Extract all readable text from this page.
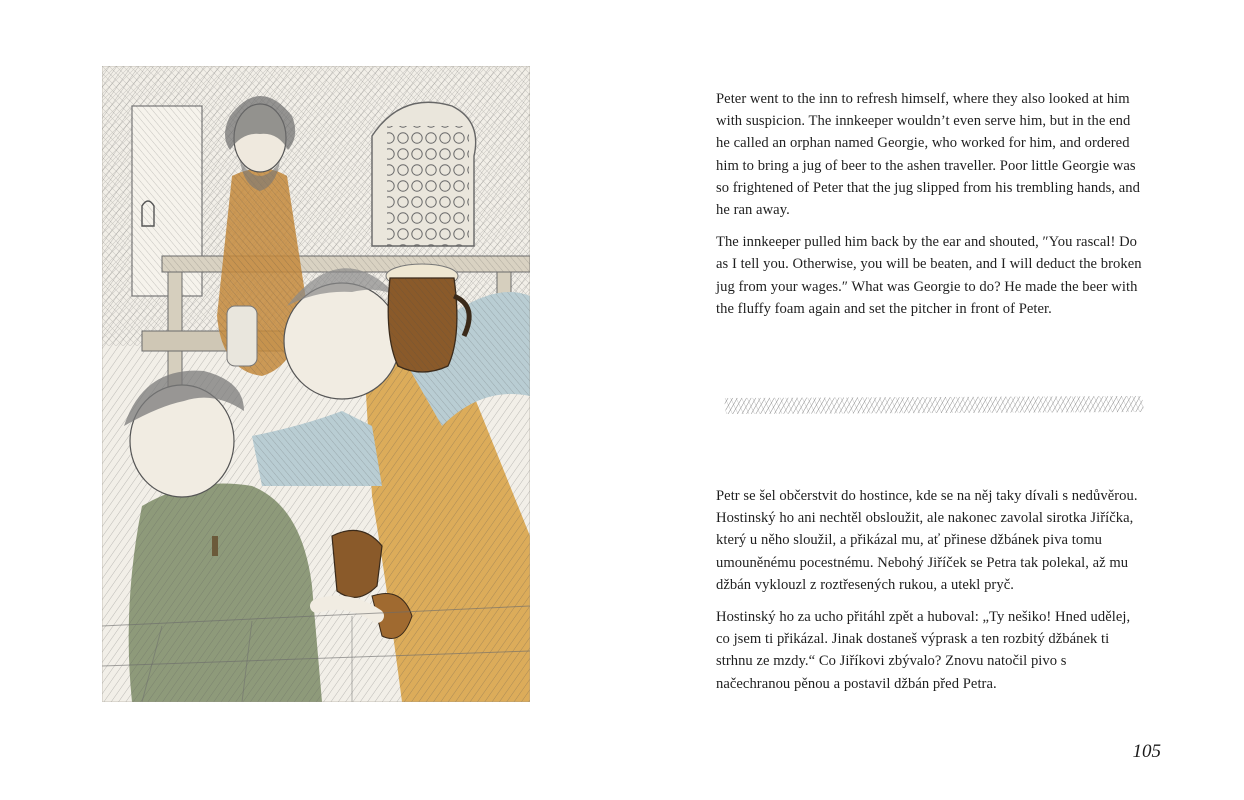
Peter went to the inn to refresh himself, where they also looked at him with suspicion. The innkeeper wouldn’t even serve him, but in the end he called an orphan named Georgie, who worked for him, and ordered him to bring a jug of beer to the ashen traveller. Poor little Georgie was so frightened of Peter that the jug slipped from his trembling hands, and he ran away.

The innkeeper pulled him back by the ear and shouted, ″You rascal! Do as I tell you. Otherwise, you will be beaten, and I will deduct the broken jug from your wages.″ What was Georgie to do? He made the beer with the fluffy foam again and set the pitcher in front of Peter.

Petr se šel občerstvit do hostince, kde se na něj taky dívali s nedůvěrou. Hostinský ho ani nechtěl obsloužit, ale nakonec zavolal sirotka Jiříčka, který u něho sloužil, a přikázal mu, ať přinese džbánek piva tomu umouněnému pocestnému. Nebohý Jiříček se Petra tak polekal, až mu džbán vyklouzl z roztřesených rukou, a utekl pryč.

Hostinský ho za ucho přitáhl zpět a huboval: „Ty nešiko! Hned udělej, co jsem ti přikázal. Jinak dostaneš výprask a ten rozbitý džbánek ti strhnu ze mzdy.“ Co Jiříkovi zbývalo? Znovu natočil pivo s načechranou pěnou a postavil džbán před Petra.

105
